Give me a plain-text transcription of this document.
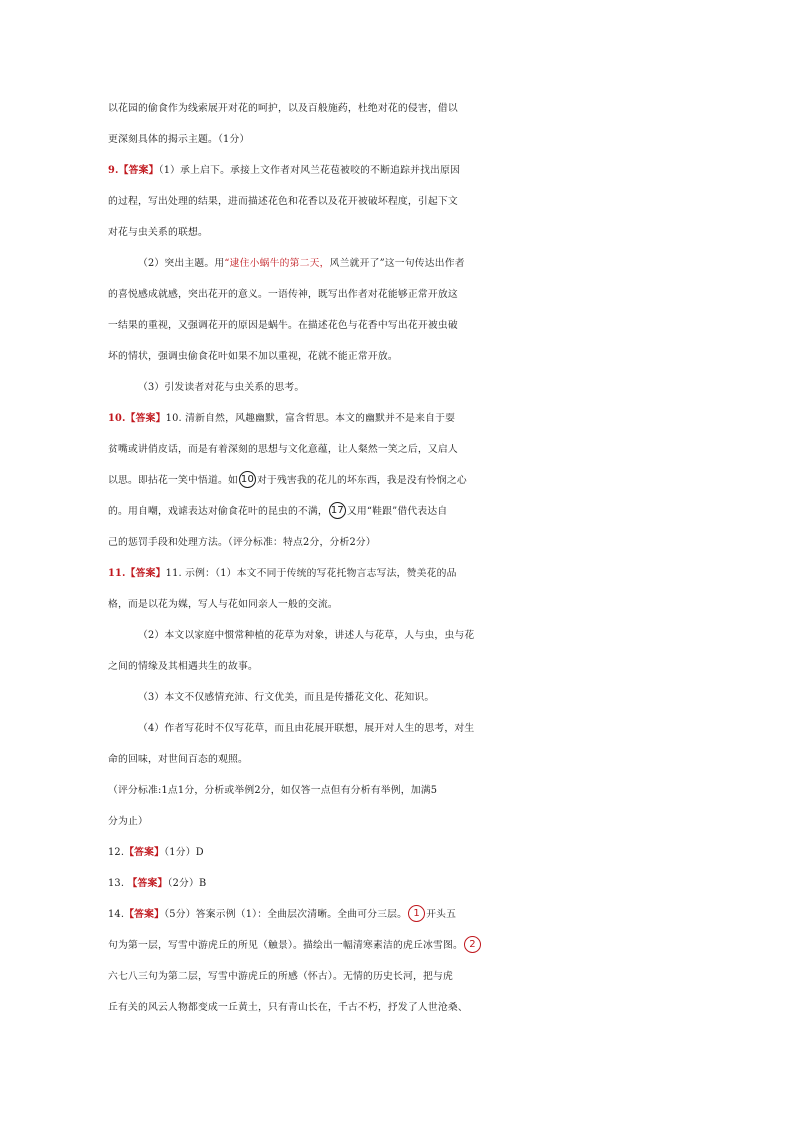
以花园的偷食作为线索展开对花的呵护，以及百般施药，杜绝对花的侵害，借以
更深刻具体的揭示主题。（1分）
9.【答案】（1）承上启下。承接上文作者对风兰花苞被咬的不断追踪并找出原因
的过程，写出处理的结果，进而描述花色和花香以及花开被破坏程度，引起下文
对花与虫关系的联想。
（2）突出主题。用“逮住小蜗牛的第二天，风兰就开了”这一句传达出作者
的喜悦感成就感，突出花开的意义。一语传神，既写出作者对花能够正常开放这
一结果的重视，又强调花开的原因是蜗牛。在描述花色与花香中写出花开被虫破
坏的情状，强调虫偷食花叶如果不加以重视，花就不能正常开放。
（3）引发读者对花与虫关系的思考。
10.【答案】10. 清新自然，风趣幽默，富含哲思。本文的幽默并不是来自于耍
贫嘴或讲俏皮话，而是有着深刻的思想与文化意蕴，让人粲然一笑之后，又启人
以思。即拈花一笑中悟道。如 10 对于残害我的花儿的坏东西，我是没有怜悯之心
的。用自嘲，戏谑表达对偷食花叶的昆虫的不满， 17 又用“鞋跟”借代表达自
己的惩罚手段和处理方法。（评分标准：特点2分，分析2分）
11.【答案】11. 示例：（1）本文不同于传统的写花托物言志写法，赞美花的品
格，而是以花为媒，写人与花如同亲人一般的交流。
（2）本文以家庭中惯常种植的花草为对象，讲述人与花草，人与虫，虫与花
之间的情缘及其相遇共生的故事。
（3）本文不仅感情充沛、行文优美，而且是传播花文化、花知识。
（4）作者写花时不仅写花草，而且由花展开联想，展开对人生的思考，对生
命的回味，对世间百态的观照。
（评分标准:1点1分，分析或举例2分，如仅答一点但有分析有举例，加满5
分为止）
12.【答案】（1分）D
13. 【答案】（2分）B
14.【答案】（5分）答案示例（1）：全曲层次清晰。全曲可分三层。 1 开头五
句为第一层，写雪中游虎丘的所见（触景）。描绘出一幅清寒素洁的虎丘冰雪图。 2
六七八三句为第二层，写雪中游虎丘的所感（怀古）。无情的历史长河，把与虎
丘有关的风云人物都变成一丘黄土，只有青山长在，千古不朽，抒发了人世沧桑、
